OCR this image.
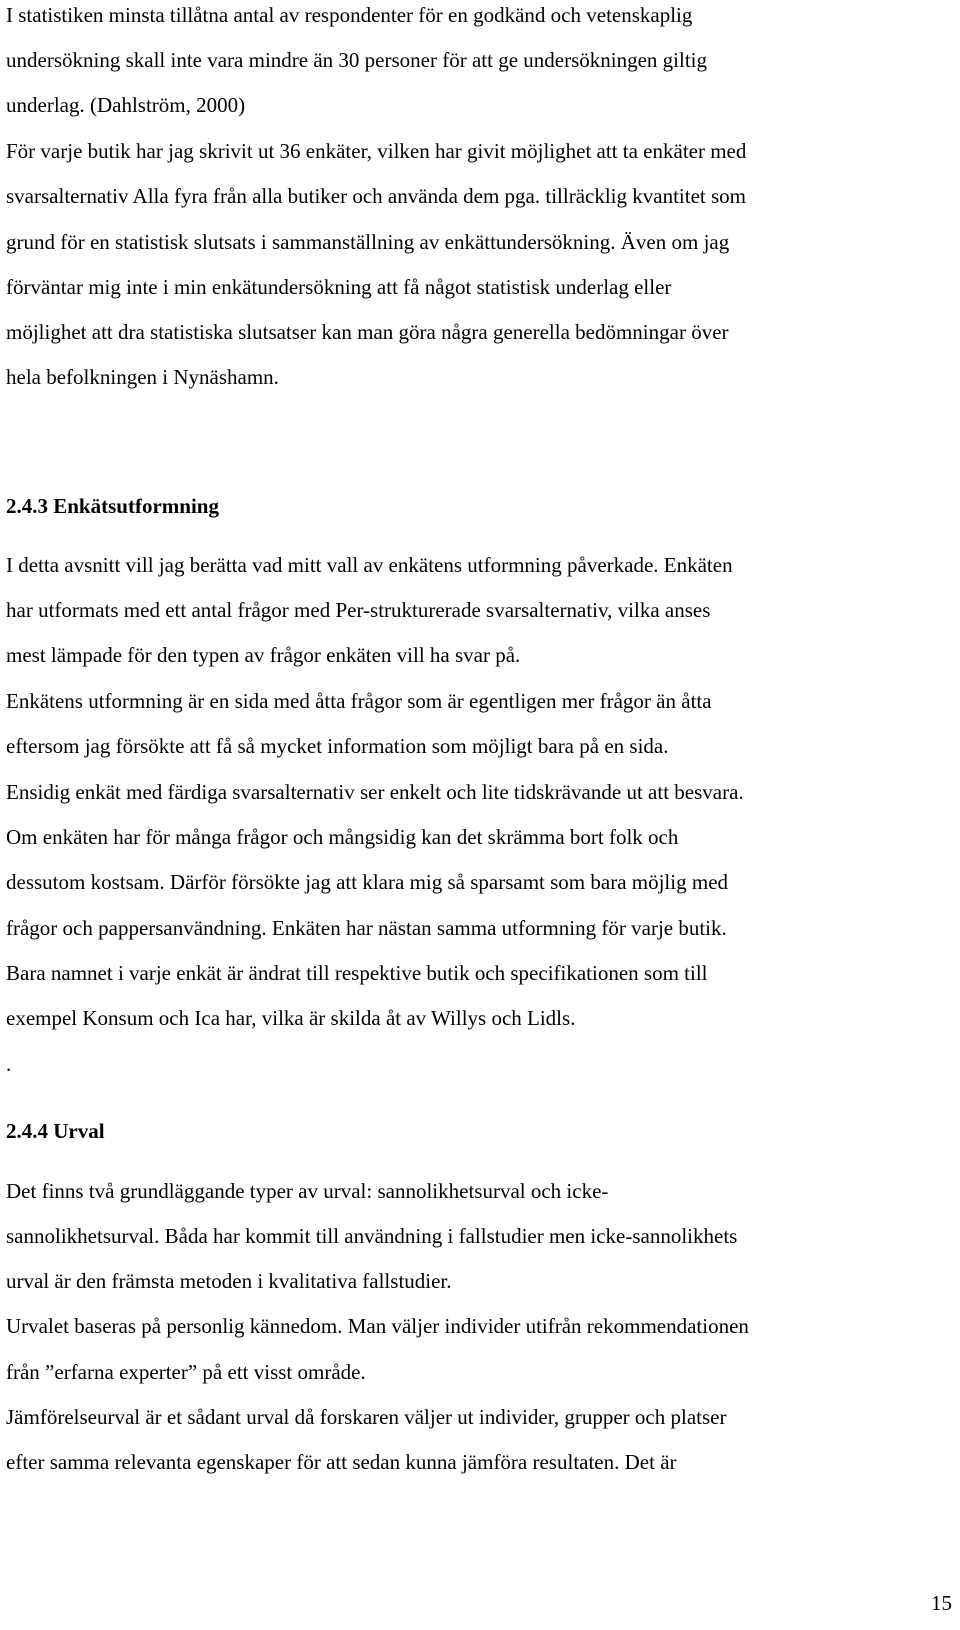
I statistiken minsta tillåtna antal av respondenter för en godkänd och vetenskaplig
undersökning skall inte vara mindre än 30 personer för att ge undersökningen giltig
underlag. (Dahlström, 2000)
För varje butik har jag skrivit ut 36 enkäter, vilken har givit möjlighet att ta enkäter med
svarsalternativ Alla fyra från alla butiker och använda dem pga. tillräcklig kvantitet som
grund för en statistisk slutsats i sammanställning av enkättundersökning. Även om jag
förväntar mig inte i min enkätundersökning att få något statistisk underlag eller
möjlighet att dra statistiska slutsatser kan man göra några generella bedömningar över
hela befolkningen i Nynäshamn.
2.4.3 Enkätsutformning
I detta avsnitt vill jag berätta vad mitt vall av enkätens utformning påverkade. Enkäten
har utformats med ett antal frågor med Per-strukturerade svarsalternativ, vilka anses
mest lämpade för den typen av frågor enkäten vill ha svar på.
Enkätens utformning är en sida med åtta frågor som är egentligen mer frågor än åtta
eftersom jag försökte att få så mycket information som möjligt bara på en sida.
Ensidig enkät med färdiga svarsalternativ ser enkelt och lite tidskrävande ut att besvara.
Om enkäten har för många frågor och mångsidig kan det skrämma bort folk och
dessutom kostsam. Därför försökte jag att klara mig så sparsamt som bara möjlig med
frågor och pappersanvändning. Enkäten har nästan samma utformning för varje butik.
Bara namnet i varje enkät är ändrat till respektive butik och specifikationen som till
exempel Konsum och Ica har, vilka är skilda åt av Willys och Lidls.
.
2.4.4 Urval
Det finns två grundläggande typer av urval: sannolikhetsurval och icke-
sannolikhetsurval. Båda har kommit till användning i fallstudier men icke-sannolikhets
urval är den främsta metoden i kvalitativa fallstudier.
Urvalet baseras på personlig kännedom. Man väljer individer utifrån rekommendationen
från ”erfarna experter” på ett visst område.
Jämförelseurval är et sådant urval då forskaren väljer ut individer, grupper och platser
efter samma relevanta egenskaper för att sedan kunna jämföra resultaten. Det är
15
